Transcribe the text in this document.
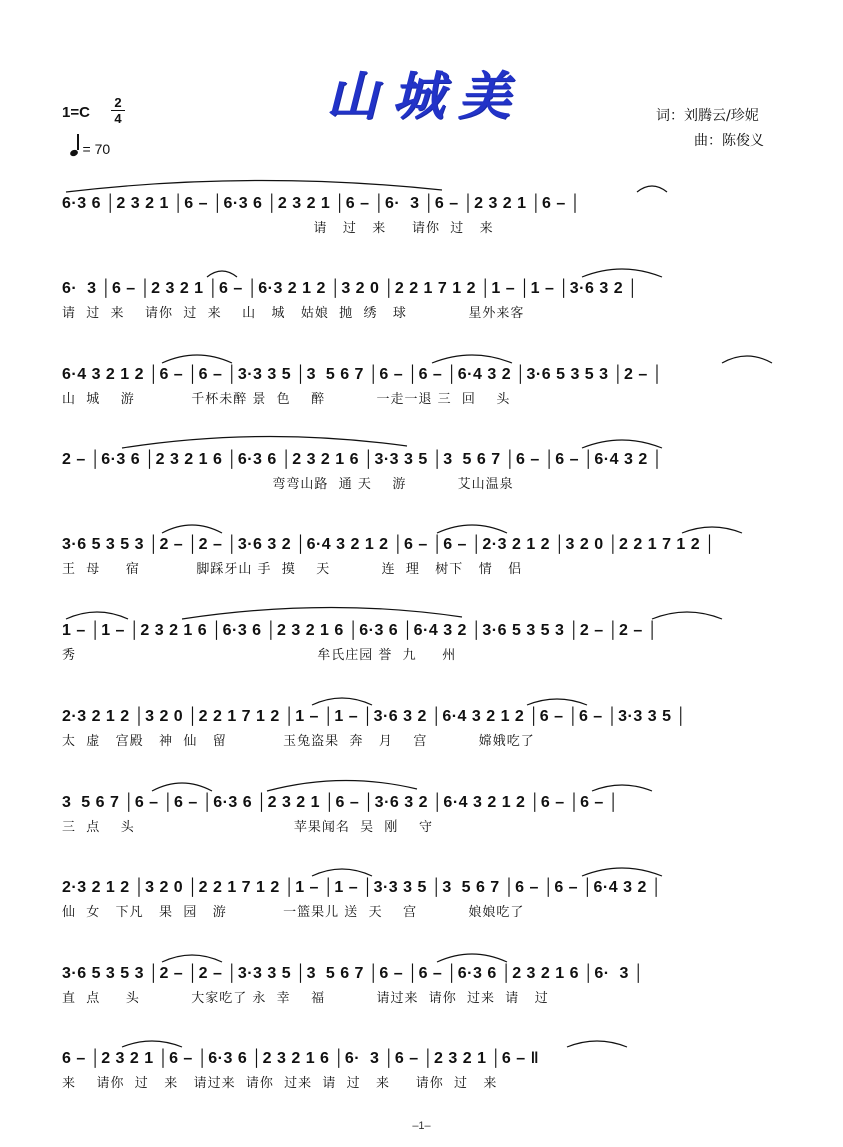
山城美
1=C
2
4
= 70
词：刘腾云/珍妮
曲：陈俊义
6·3 6 │2 3 2 1 │6 – │6·3 6 │2 3 2 1 │6 – │6·  3 │6 – │2 3 2 1 │6 – │
请   过   来     请你  过   来
6·  3 │6 – │2 3 2 1 │6 – │6·3 2 1 2 │3 2 0 │2 2 1 7 1 2 │1 – │1 – │3·6 3 2 │
请  过  来    请你  过  来    山   城   姑娘  抛  绣   球            星外来客
6·4 3 2 1 2 │6 – │6 – │3·3 3 5 │3  5 6 7 │6 – │6 – │6·4 3 2 │3·6 5 3 5 3 │2 – │
山  城    游           千杯未醉 景  色    醉          一走一退 三  回    头
2 – │6·3 6 │2 3 2 1 6 │6·3 6 │2 3 2 1 6 │3·3 3 5 │3  5 6 7 │6 – │6 – │6·4 3 2 │
弯弯山路  通 天    游          艾山温泉
3·6 5 3 5 3 │2 – │2 – │3·6 3 2 │6·4 3 2 1 2 │6 – │6 – │2·3 2 1 2 │3 2 0 │2 2 1 7 1 2 │
王  母     宿           脚踩牙山 手  摸    天          连  理   树下   情   侣
1 – │1 – │2 3 2 1 6 │6·3 6 │2 3 2 1 6 │6·3 6 │6·4 3 2 │3·6 5 3 5 3 │2 – │2 – │
秀                                               牟氏庄园 誉  九     州
2·3 2 1 2 │3 2 0 │2 2 1 7 1 2 │1 – │1 – │3·6 3 2 │6·4 3 2 1 2 │6 – │6 – │3·3 3 5 │
太  虚   宫殿   神  仙   留           玉兔盗果  奔   月    宫          嫦娥吃了
3  5 6 7 │6 – │6 – │6·3 6 │2 3 2 1 │6 – │3·6 3 2 │6·4 3 2 1 2 │6 – │6 – │
三  点    头                               苹果闻名  吴  刚    守
2·3 2 1 2 │3 2 0 │2 2 1 7 1 2 │1 – │1 – │3·3 3 5 │3  5 6 7 │6 – │6 – │6·4 3 2 │
仙  女   下凡   果  园   游           一篮果儿 送  天    宫          娘娘吃了
3·6 5 3 5 3 │2 – │2 – │3·3 3 5 │3  5 6 7 │6 – │6 – │6·3 6 │2 3 2 1 6 │6·  3 │
直  点     头          大家吃了 永  幸    福          请过来  请你  过来  请   过
6 – │2 3 2 1 │6 – │6·3 6 │2 3 2 1 6 │6·  3 │6 – │2 3 2 1 │6 – ‖
来    请你  过   来   请过来  请你  过来  请  过   来     请你  过   来
–1–
